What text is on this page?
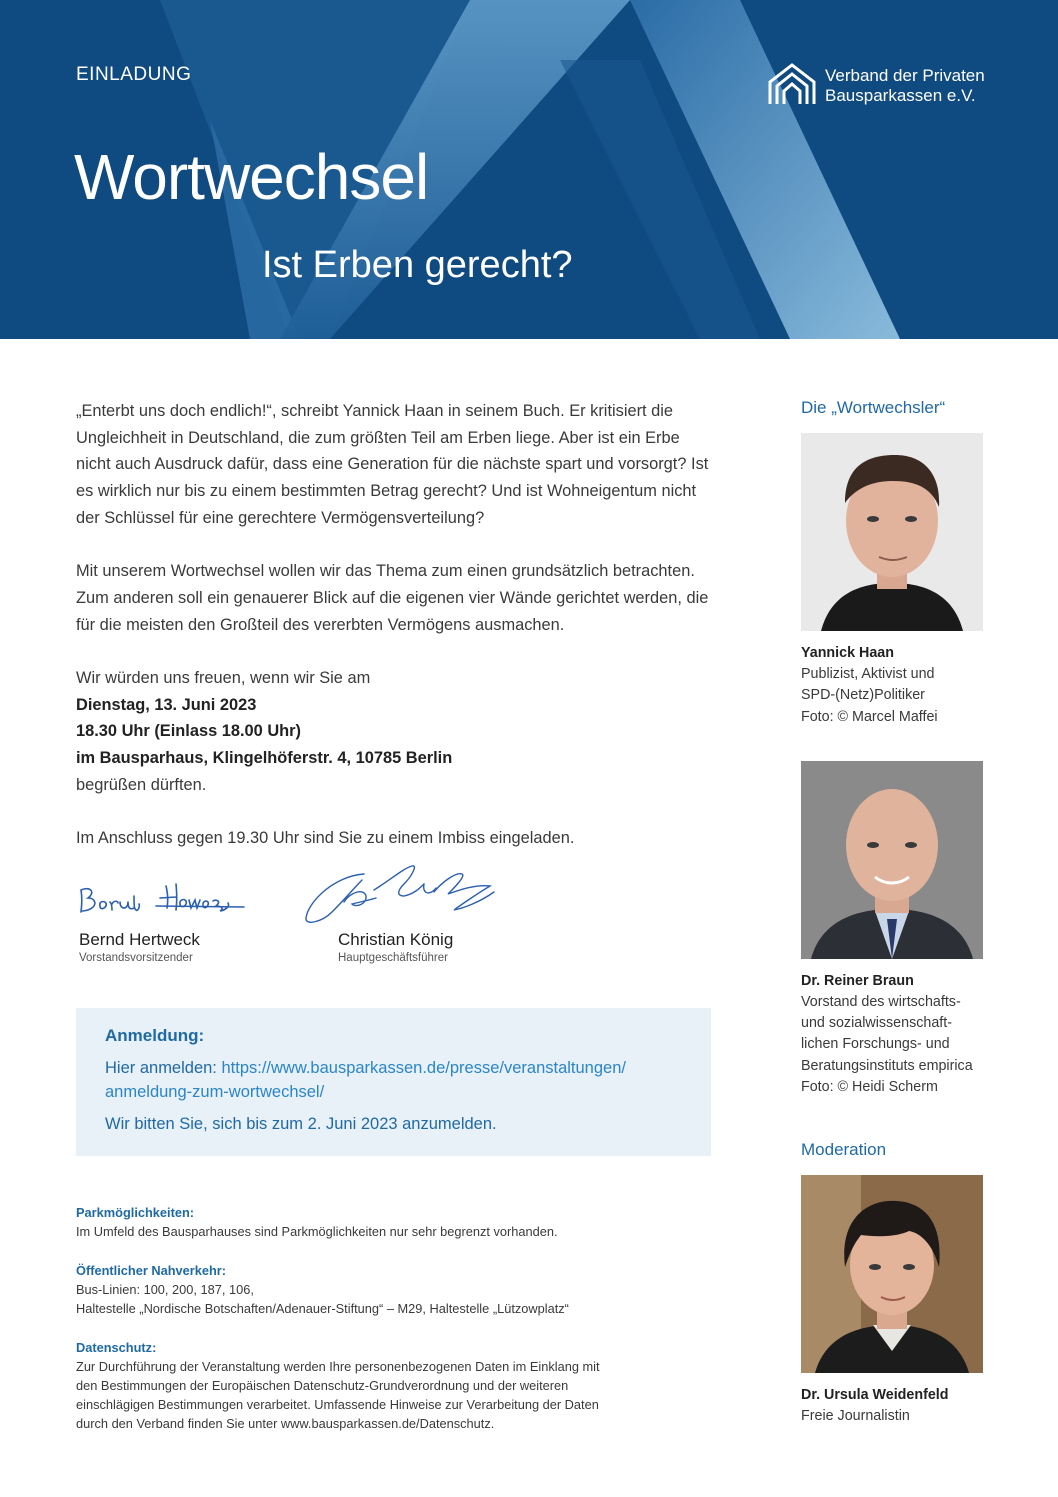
EINLADUNG
Wortwechsel
Ist Erben gerecht?
Verband der Privaten
Bausparkassen e.V.

„Enterbt uns doch endlich!“, schreibt Yannick Haan in seinem Buch. Er kritisiert die Ungleichheit in Deutschland, die zum größten Teil am Erben liege. Aber ist ein Erbe nicht auch Ausdruck dafür, dass eine Generation für die nächste spart und vorsorgt? Ist es wirklich nur bis zu einem bestimmten Betrag gerecht? Und ist Wohneigentum nicht der Schlüssel für eine gerechtere Vermögensverteilung?

Mit unserem Wortwechsel wollen wir das Thema zum einen grundsätzlich betrachten. Zum anderen soll ein genauerer Blick auf die eigenen vier Wände gerichtet werden, die für die meisten den Großteil des vererbten Vermögens ausmachen.

Wir würden uns freuen, wenn wir Sie am
Dienstag, 13. Juni 2023
18.30 Uhr (Einlass 18.00 Uhr)
im Bausparhaus, Klingelhöferstr. 4, 10785 Berlin

begrüßen dürften.

Im Anschluss gegen 19.30 Uhr sind Sie zu einem Imbiss eingeladen.

Bernd Hertweck
Vorstandsvorsitzender
Christian König
Hauptgeschäftsführer
Anmeldung:
Hier anmelden: https://www.bausparkassen.de/presse/veranstaltungen/
anmeldung-zum-wortwechsel/
Wir bitten Sie, sich bis zum 2. Juni 2023 anzumelden.
Parkmöglichkeiten:
Im Umfeld des Bausparhauses sind Parkmöglichkeiten nur sehr begrenzt vorhanden.
Öffentlicher Nahverkehr:
Bus-Linien: 100, 200, 187, 106,
Haltestelle „Nordische Botschaften/Adenauer-Stiftung“ – M29, Haltestelle „Lützowplatz“
Datenschutz:
Zur Durchführung der Veranstaltung werden Ihre personenbezogenen Daten im Einklang mit
den Bestimmungen der Europäischen Datenschutz-Grundverordnung und der weiteren
einschlägigen Bestimmungen verarbeitet. Umfassende Hinweise zur Verarbeitung der Daten
durch den Verband finden Sie unter www.bausparkassen.de/Datenschutz.
Die „Wortwechsler“
Yannick Haan
Publizist, Aktivist und
SPD-(Netz)Politiker
Foto: © Marcel Maffei
Dr. Reiner Braun
Vorstand des wirtschafts-
und sozialwissenschaft-
lichen Forschungs- und
Beratungsinstituts empirica
Foto: © Heidi Scherm
Moderation
Dr. Ursula Weidenfeld
Freie Journalistin
